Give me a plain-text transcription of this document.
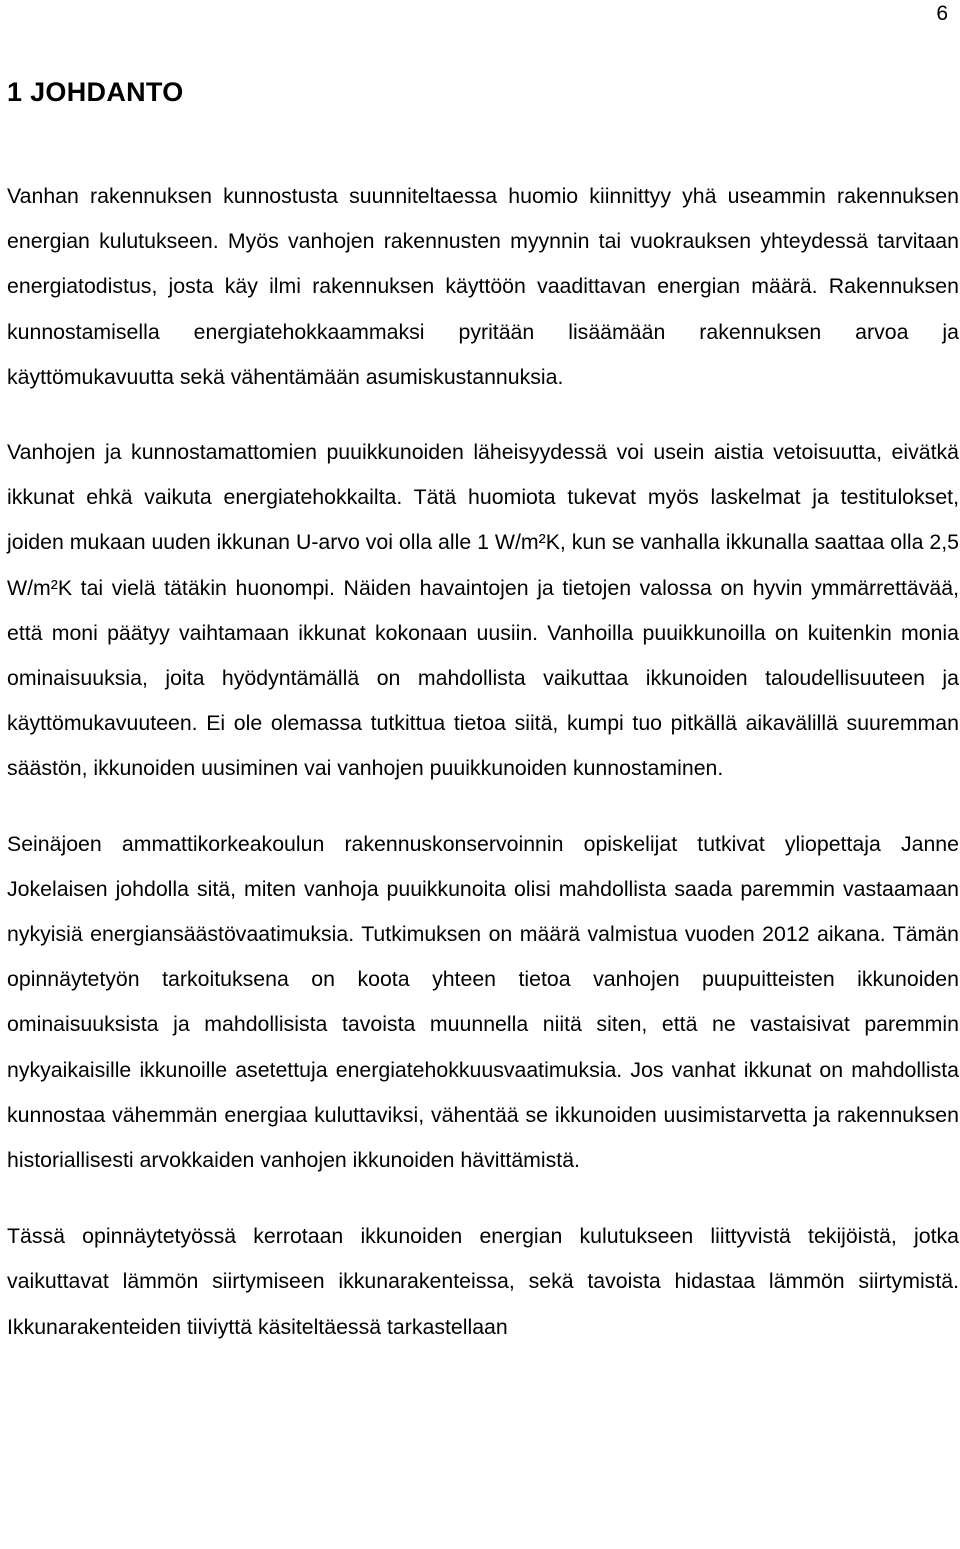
6
1 JOHDANTO

Vanhan rakennuksen kunnostusta suunniteltaessa huomio kiinnittyy yhä useammin rakennuksen energian kulutukseen. Myös vanhojen rakennusten myynnin tai vuokrauksen yhteydessä tarvitaan energiatodistus, josta käy ilmi rakennuksen käyttöön vaadittavan energian määrä. Rakennuksen kunnostamisella energiatehokkaammaksi pyritään lisäämään rakennuksen arvoa ja käyttömukavuutta sekä vähentämään asumiskustannuksia.

Vanhojen ja kunnostamattomien puuikkunoiden läheisyydessä voi usein aistia vetoisuutta, eivätkä ikkunat ehkä vaikuta energiatehokkailta. Tätä huomiota tukevat myös laskelmat ja testitulokset, joiden mukaan uuden ikkunan U-arvo voi olla alle 1 W/m²K, kun se vanhalla ikkunalla saattaa olla 2,5 W/m²K tai vielä tätäkin huonompi. Näiden havaintojen ja tietojen valossa on hyvin ymmärrettävää, että moni päätyy vaihtamaan ikkunat kokonaan uusiin. Vanhoilla puuikkunoilla on kuitenkin monia ominaisuuksia, joita hyödyntämällä on mahdollista vaikuttaa ikkunoiden taloudellisuuteen ja käyttömukavuuteen. Ei ole olemassa tutkittua tietoa siitä, kumpi tuo pitkällä aikavälillä suuremman säästön, ikkunoiden uusiminen vai vanhojen puuikkunoiden kunnostaminen.

Seinäjoen ammattikorkeakoulun rakennuskonservoinnin opiskelijat tutkivat yliopettaja Janne Jokelaisen johdolla sitä, miten vanhoja puuikkunoita olisi mahdollista saada paremmin vastaamaan nykyisiä energiansäästövaatimuksia. Tutkimuksen on määrä valmistua vuoden 2012 aikana. Tämän opinnäytetyön tarkoituksena on koota yhteen tietoa vanhojen puupuitteisten ikkunoiden ominaisuuksista ja mahdollisista tavoista muunnella niitä siten, että ne vastaisivat paremmin nykyaikaisille ikkunoille asetettuja energiatehokkuusvaatimuksia. Jos vanhat ikkunat on mahdollista kunnostaa vähemmän energiaa kuluttaviksi, vähentää se ikkunoiden uusimistarvetta ja rakennuksen historiallisesti arvokkaiden vanhojen ikkunoiden hävittämistä.

Tässä opinnäytetyössä kerrotaan ikkunoiden energian kulutukseen liittyvistä tekijöistä, jotka vaikuttavat lämmön siirtymiseen ikkunarakenteissa, sekä tavoista hidastaa lämmön siirtymistä. Ikkunarakenteiden tiiviyttä käsiteltäessä tarkastellaan
